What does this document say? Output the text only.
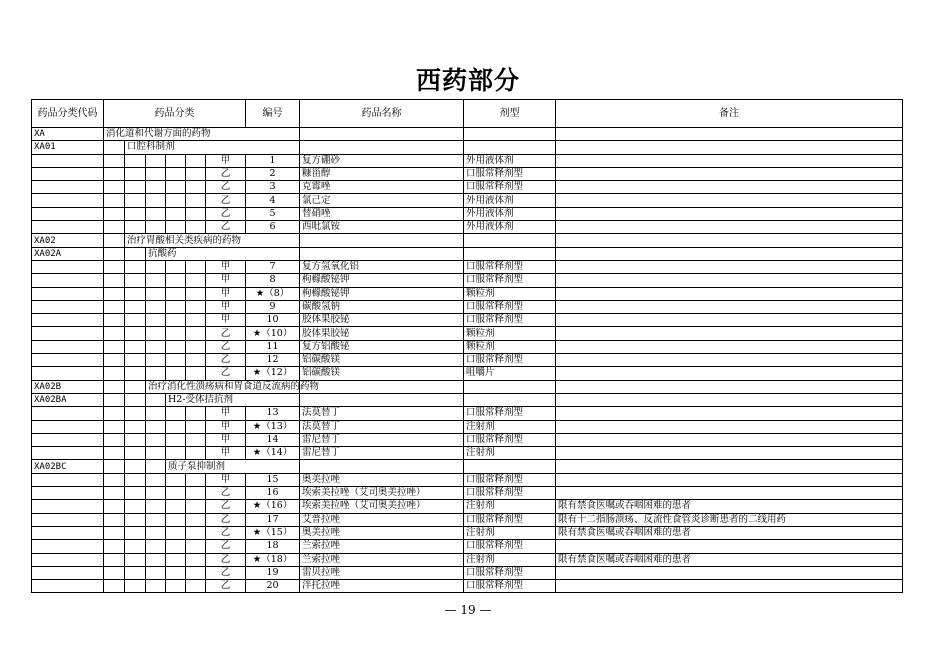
西药部分
药品分类代码	药品分类						编号	药品名称	剂型	备注
XA	消化道和代谢方面的药物									
XA01		口腔科制剂								
						甲	1	复方硼砂	外用液体剂	
						乙	2	糠甾醇	口服常释剂型	
						乙	3	克霉唑	口服常释剂型	
						乙	4	氯己定	外用液体剂	
						乙	5	替硝唑	外用液体剂	
						乙	6	西吡氯铵	外用液体剂	
XA02		治疗胃酸相关类疾病的药物								
XA02A			抗酸药							
						甲	7	复方氢氧化铝	口服常释剂型	
						甲	8	枸橼酸铋钾	口服常释剂型	
						甲	★（8）	枸橼酸铋钾	颗粒剂	
						甲	9	碳酸氢钠	口服常释剂型	
						甲	10	胶体果胶铋	口服常释剂型	
						乙	★（10）	胶体果胶铋	颗粒剂	
						乙	11	复方铝酸铋	颗粒剂	
						乙	12	铝碳酸镁	口服常释剂型	
						乙	★（12）	铝碳酸镁	咀嚼片	
XA02B			治疗消化性溃疡病和胃食道反流病的药物							
XA02BA				H2-受体拮抗剂						
						甲	13	法莫替丁	口服常释剂型	
						甲	★（13）	法莫替丁	注射剂	
						甲	14	雷尼替丁	口服常释剂型	
						甲	★（14）	雷尼替丁	注射剂	
XA02BC				质子泵抑制剂						
						甲	15	奥美拉唑	口服常释剂型	
						乙	16	埃索美拉唑（艾司奥美拉唑）	口服常释剂型	
						乙	★（16）	埃索美拉唑（艾司奥美拉唑）	注射剂	限有禁食医嘱或吞咽困难的患者
						乙	17	艾普拉唑	口服常释剂型	限有十二指肠溃疡、反流性食管炎诊断患者的二线用药
						乙	★（15）	奥美拉唑	注射剂	限有禁食医嘱或吞咽困难的患者
						乙	18	兰索拉唑	口服常释剂型	
						乙	★（18）	兰索拉唑	注射剂	限有禁食医嘱或吞咽困难的患者
						乙	19	雷贝拉唑	口服常释剂型	
						乙	20	泮托拉唑	口服常释剂型	
— 19 —
